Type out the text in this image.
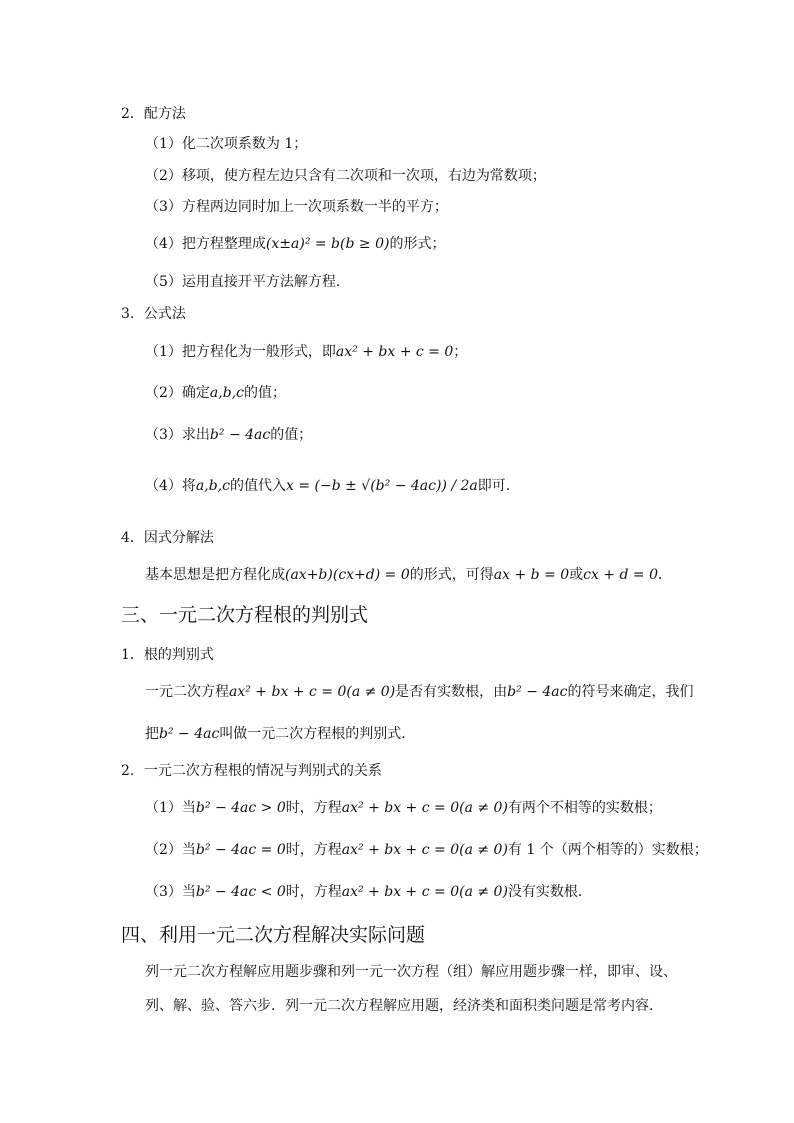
2．配方法
（1）化二次项系数为 1；
（2）移项，使方程左边只含有二次项和一次项，右边为常数项；
（3）方程两边同时加上一次项系数一半的平方；
（4）把方程整理成(x±a)² = b(b ≥ 0)的形式；
（5）运用直接开平方法解方程．
3．公式法
（1）把方程化为一般形式，即ax² + bx + c = 0；
（2）确定a,b,c的值；
（3）求出b² − 4ac的值；
（4）将a,b,c的值代入x = (−b ± √(b² − 4ac)) / 2a即可．
4．因式分解法
基本思想是把方程化成(ax+b)(cx+d) = 0的形式，可得ax + b = 0或cx + d = 0．
三、一元二次方程根的判别式
1．根的判别式
一元二次方程ax² + bx + c = 0(a ≠ 0)是否有实数根，由b² − 4ac的符号来确定，我们
把b² − 4ac叫做一元二次方程根的判别式．
2．一元二次方程根的情况与判别式的关系
（1）当b² − 4ac > 0时，方程ax² + bx + c = 0(a ≠ 0)有两个不相等的实数根；
（2）当b² − 4ac = 0时，方程ax² + bx + c = 0(a ≠ 0)有 1 个（两个相等的）实数根；
（3）当b² − 4ac < 0时，方程ax² + bx + c = 0(a ≠ 0)没有实数根．
四、利用一元二次方程解决实际问题
列一元二次方程解应用题步骤和列一元一次方程（组）解应用题步骤一样，即审、设、
列、解、验、答六步．列一元二次方程解应用题，经济类和面积类问题是常考内容．
